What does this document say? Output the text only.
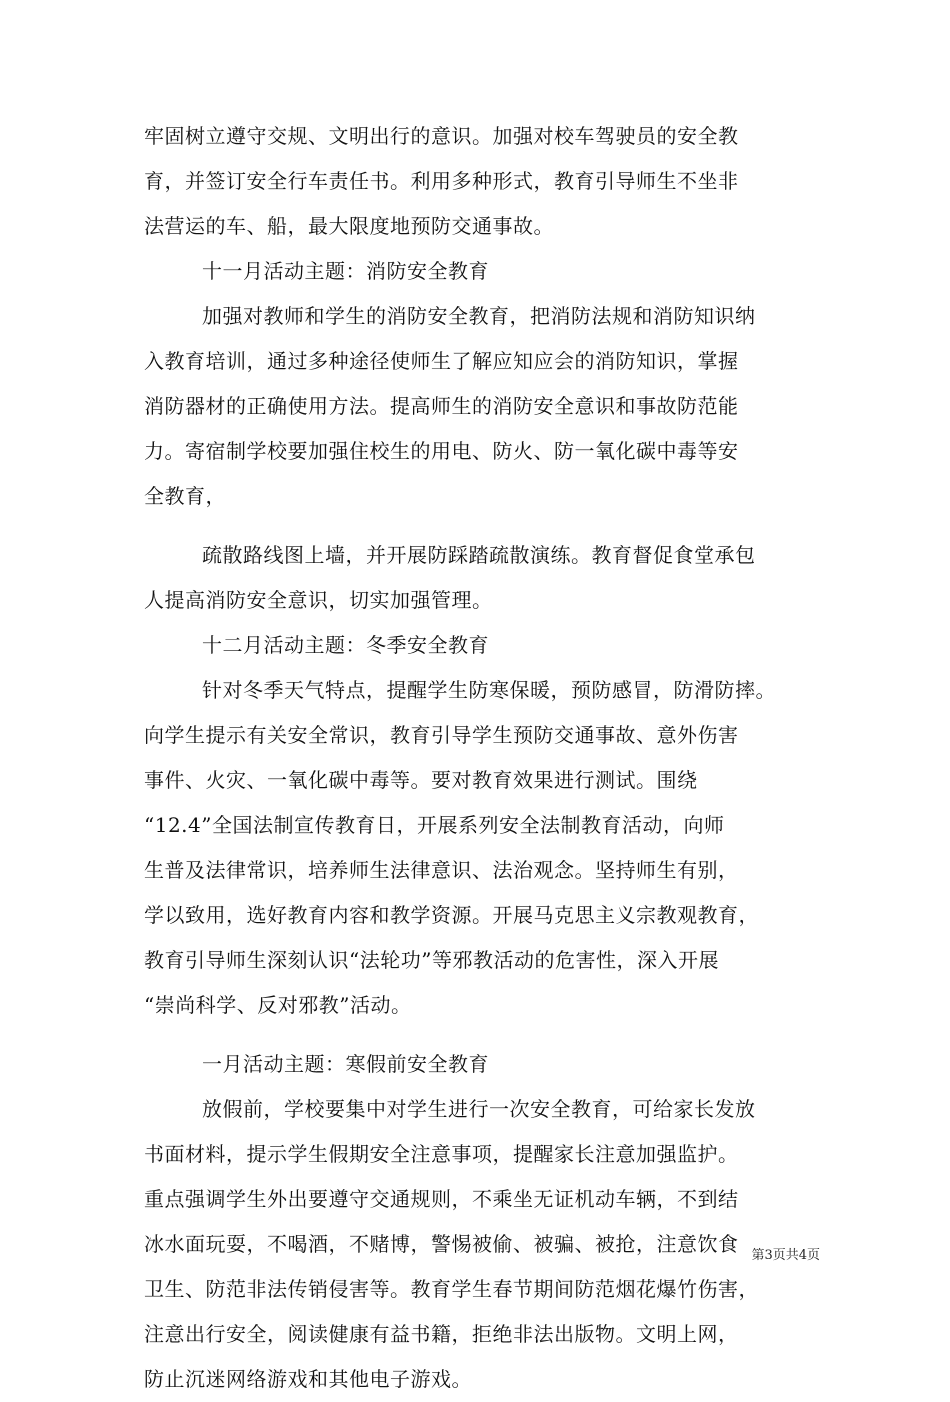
牢固树立遵守交规、文明出行的意识。加强对校车驾驶员的安全教
育，并签订安全行车责任书。利用多种形式，教育引导师生不坐非
法营运的车、船，最大限度地预防交通事故。
十一月活动主题：消防安全教育
加强对教师和学生的消防安全教育，把消防法规和消防知识纳
入教育培训，通过多种途径使师生了解应知应会的消防知识，掌握
消防器材的正确使用方法。提高师生的消防安全意识和事故防范能
力。寄宿制学校要加强住校生的用电、防火、防一氧化碳中毒等安
全教育，
疏散路线图上墙，并开展防踩踏疏散演练。教育督促食堂承包
人提高消防安全意识，切实加强管理。
十二月活动主题：冬季安全教育
针对冬季天气特点，提醒学生防寒保暖，预防感冒，防滑防摔。
向学生提示有关安全常识，教育引导学生预防交通事故、意外伤害
事件、火灾、一氧化碳中毒等。要对教育效果进行测试。围绕
“12.4”全国法制宣传教育日，开展系列安全法制教育活动，向师
生普及法律常识，培养师生法律意识、法治观念。坚持师生有别，
学以致用，选好教育内容和教学资源。开展马克思主义宗教观教育，
教育引导师生深刻认识“法轮功”等邪教活动的危害性，深入开展
“崇尚科学、反对邪教”活动。
一月活动主题：寒假前安全教育
放假前，学校要集中对学生进行一次安全教育，可给家长发放
书面材料，提示学生假期安全注意事项，提醒家长注意加强监护。
重点强调学生外出要遵守交通规则，不乘坐无证机动车辆，不到结
冰水面玩耍，不喝酒，不赌博，警惕被偷、被骗、被抢，注意饮食
卫生、防范非法传销侵害等。教育学生春节期间防范烟花爆竹伤害，
注意出行安全，阅读健康有益书籍，拒绝非法出版物。文明上网，
防止沉迷网络游戏和其他电子游戏。
第3页共4页
